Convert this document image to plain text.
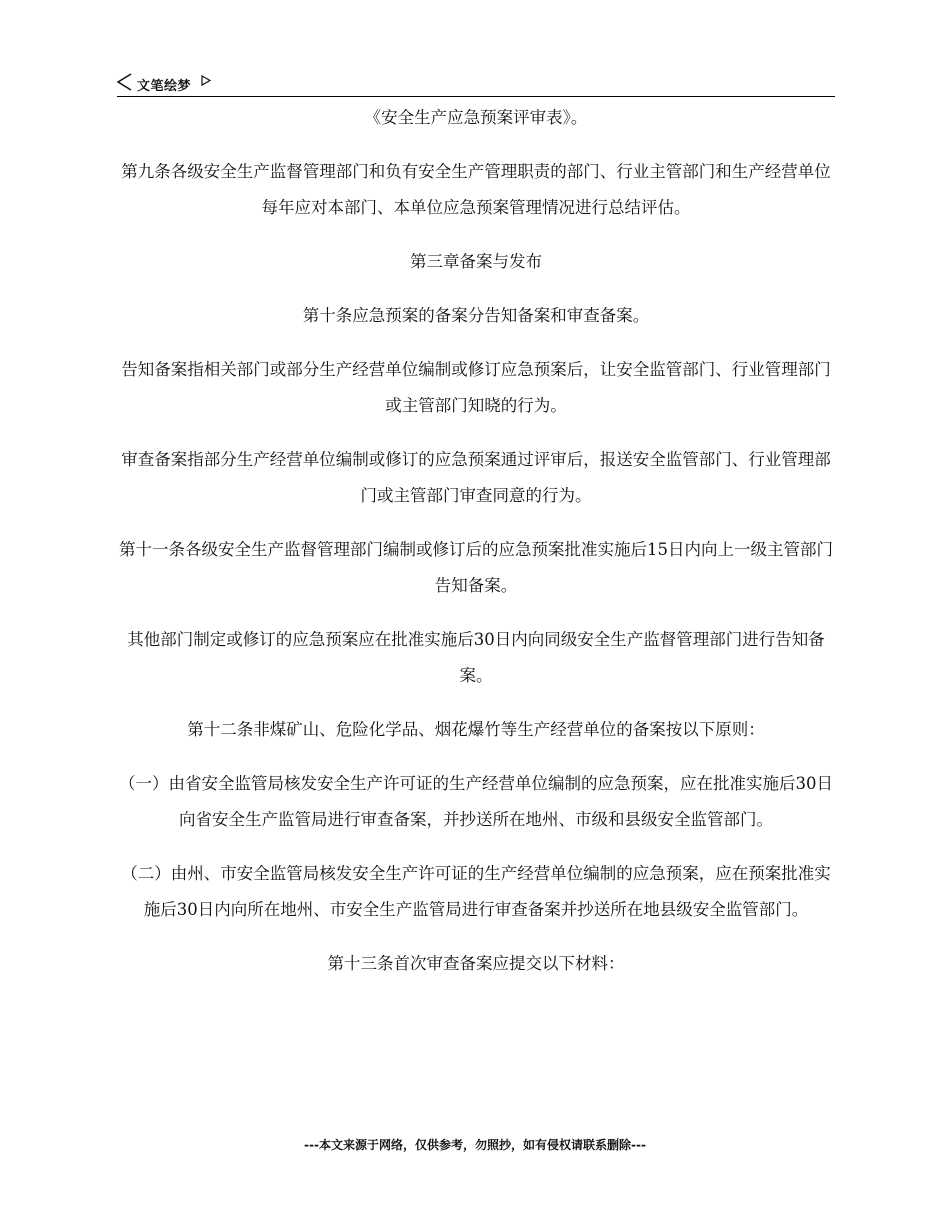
文笔绘梦

《安全生产应急预案评审表》。

第九条各级安全生产监督管理部门和负有安全生产管理职责的部门、行业主管部门和生产经营单位每年应对本部门、本单位应急预案管理情况进行总结评估。

第三章备案与发布

第十条应急预案的备案分告知备案和审查备案。

告知备案指相关部门或部分生产经营单位编制或修订应急预案后，让安全监管部门、行业管理部门或主管部门知晓的行为。

审查备案指部分生产经营单位编制或修订的应急预案通过评审后，报送安全监管部门、行业管理部门或主管部门审查同意的行为。

第十一条各级安全生产监督管理部门编制或修订后的应急预案批准实施后15日内向上一级主管部门告知备案。

其他部门制定或修订的应急预案应在批准实施后30日内向同级安全生产监督管理部门进行告知备案。

第十二条非煤矿山、危险化学品、烟花爆竹等生产经营单位的备案按以下原则：

（一）由省安全监管局核发安全生产许可证的生产经营单位编制的应急预案，应在批准实施后30日向省安全生产监管局进行审查备案，并抄送所在地州、市级和县级安全监管部门。

（二）由州、市安全监管局核发安全生产许可证的生产经营单位编制的应急预案，应在预案批准实施后30日内向所在地州、市安全生产监管局进行审查备案并抄送所在地县级安全监管部门。

第十三条首次审查备案应提交以下材料：

---本文来源于网络，仅供参考，勿照抄，如有侵权请联系删除---
